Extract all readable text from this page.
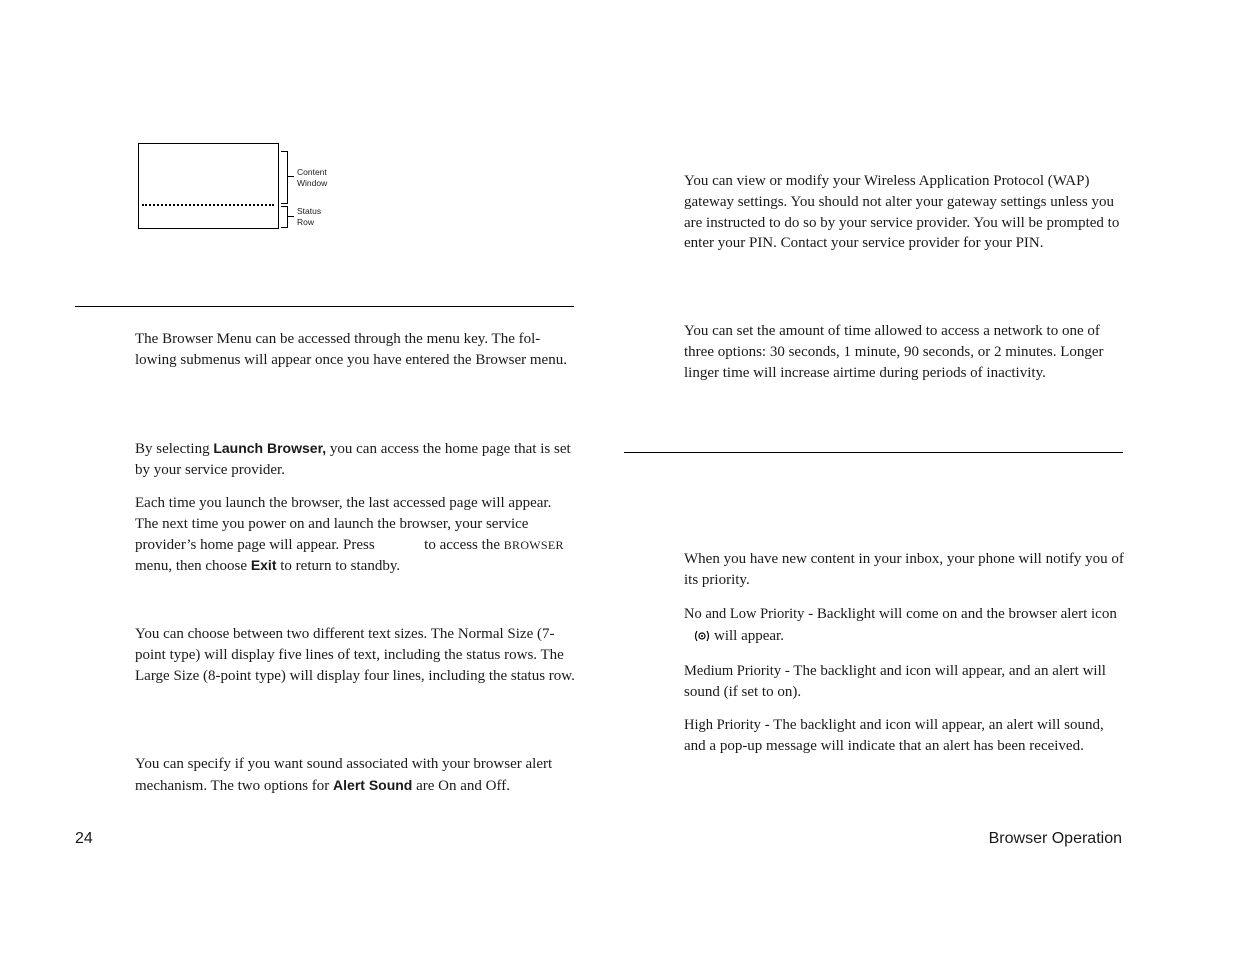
Content
Window
Status
Row

The Browser Menu can be accessed through the menu key. The fol-lowing submenus will appear once you have entered the Browser menu.

By selecting Launch Browser, you can access the home page that is set by your service provider.

Each time you launch the browser, the last accessed page will appear. The next time you power on and launch the browser, your service provider’s home page will appear. Press	to access the BROWSER menu, then choose Exit to return to standby.

You can choose between two different text sizes. The Normal Size (7-point type) will display five lines of text, including the status rows. The Large Size (8-point type) will display four lines, including the status row.

You can specify if you want sound associated with your browser alert mechanism. The two options for Alert Sound are On and Off.

You can view or modify your Wireless Application Protocol (WAP) gateway settings. You should not alter your gateway settings unless you are instructed to do so by your service provider. You will be prompted to enter your PIN. Contact your service provider for your PIN.

You can set the amount of time allowed to access a network to one of three options: 30 seconds, 1 minute, 90 seconds, or 2 minutes. Longer linger time will increase airtime during periods of inactivity.

When you have new content in your inbox, your phone will notify you of its priority.

No and Low Priority - Backlight will come on and the browser alert iconwill appear.

Medium Priority - The backlight and icon will appear, and an alert will sound (if set to on).

High Priority - The backlight and icon will appear, an alert will sound, and a pop-up message will indicate that an alert has been received.

24	Browser Operation
